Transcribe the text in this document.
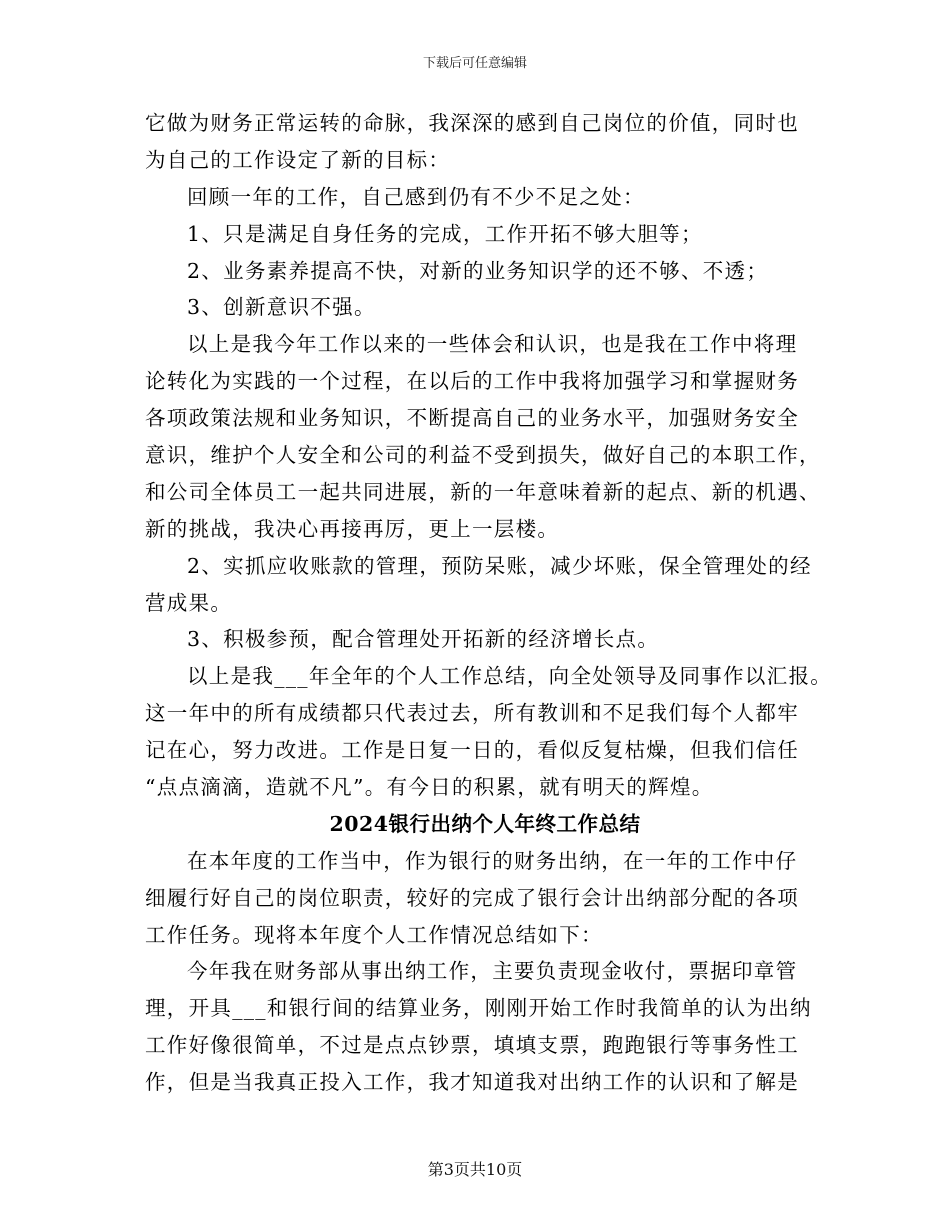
下载后可任意编辑
它做为财务正常运转的命脉，我深深的感到自己岗位的价值，同时也
为自己的工作设定了新的目标：
回顾一年的工作，自己感到仍有不少不足之处：
1、只是满足自身任务的完成，工作开拓不够大胆等；
2、业务素养提高不快，对新的业务知识学的还不够、不透；
3、创新意识不强。
以上是我今年工作以来的一些体会和认识，也是我在工作中将理
论转化为实践的一个过程，在以后的工作中我将加强学习和掌握财务
各项政策法规和业务知识，不断提高自己的业务水平，加强财务安全
意识，维护个人安全和公司的利益不受到损失，做好自己的本职工作，
和公司全体员工一起共同进展，新的一年意味着新的起点、新的机遇、
新的挑战，我决心再接再厉，更上一层楼。
2、实抓应收账款的管理，预防呆账，减少坏账，保全管理处的经
营成果。
3、积极参预，配合管理处开拓新的经济增长点。
以上是我___年全年的个人工作总结，向全处领导及同事作以汇报。
这一年中的所有成绩都只代表过去，所有教训和不足我们每个人都牢
记在心，努力改进。工作是日复一日的，看似反复枯燥，但我们信任
“点点滴滴，造就不凡”。有今日的积累，就有明天的辉煌。
2024银行出纳个人年终工作总结
在本年度的工作当中，作为银行的财务出纳，在一年的工作中仔
细履行好自己的岗位职责，较好的完成了银行会计出纳部分配的各项
工作任务。现将本年度个人工作情况总结如下：
今年我在财务部从事出纳工作，主要负责现金收付，票据印章管
理，开具___和银行间的结算业务，刚刚开始工作时我简单的认为出纳
工作好像很简单，不过是点点钞票，填填支票，跑跑银行等事务性工
作，但是当我真正投入工作，我才知道我对出纳工作的认识和了解是
第3页共10页
